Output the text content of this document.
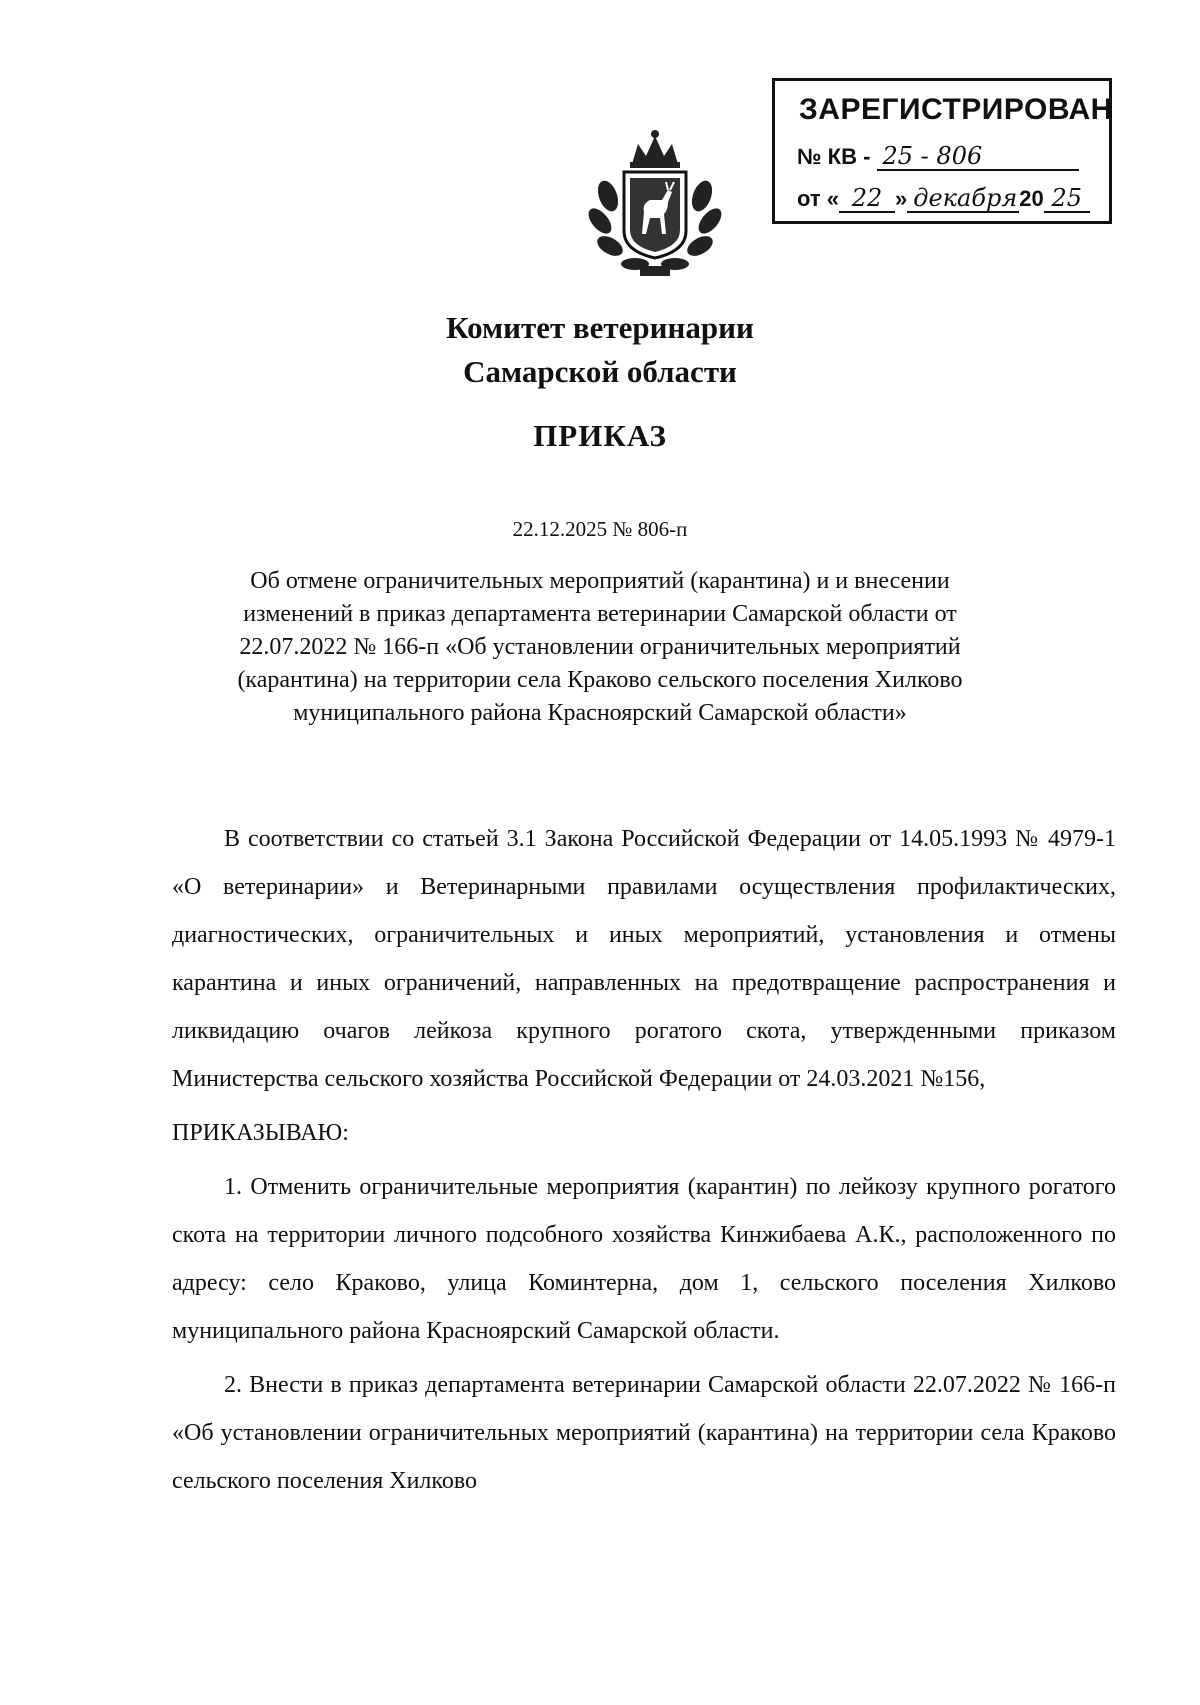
ЗАРЕГИСТРИРОВАН
№ КВ - 25 - 806
от « 22 » декабря20 25
Комитет ветеринарии
Самарской области
ПРИКАЗ
22.12.2025 № 806-п
Об отмене ограничительных мероприятий (карантина) и и внесении изменений в приказ департамента ветеринарии Самарской области от 22.07.2022 № 166-п «Об установлении ограничительных мероприятий (карантина) на территории села Краково сельского поселения Хилково муниципального района Красноярский Самарской области»

В соответствии со статьей 3.1 Закона Российской Федерации от 14.05.1993 № 4979-1 «О ветеринарии» и Ветеринарными правилами осуществления профилактических, диагностических, ограничительных и иных мероприятий, установления и отмены карантина и иных ограничений, направленных на предотвращение распространения и ликвидацию очагов лейкоза крупного рогатого скота, утвержденными приказом Министерства сельского хозяйства Российской Федерации от 24.03.2021 №156,

ПРИКАЗЫВАЮ:

1. Отменить ограничительные мероприятия (карантин) по лейкозу крупного рогатого скота на территории личного подсобного хозяйства Кинжибаева А.К., расположенного по адресу: село Краково, улица Коминтерна, дом 1, сельского поселения Хилково муниципального района Красноярский Самарской области.

2. Внести в приказ департамента ветеринарии Самарской области 22.07.2022 № 166-п «Об установлении ограничительных мероприятий (карантина) на территории села Краково сельского поселения Хилково
